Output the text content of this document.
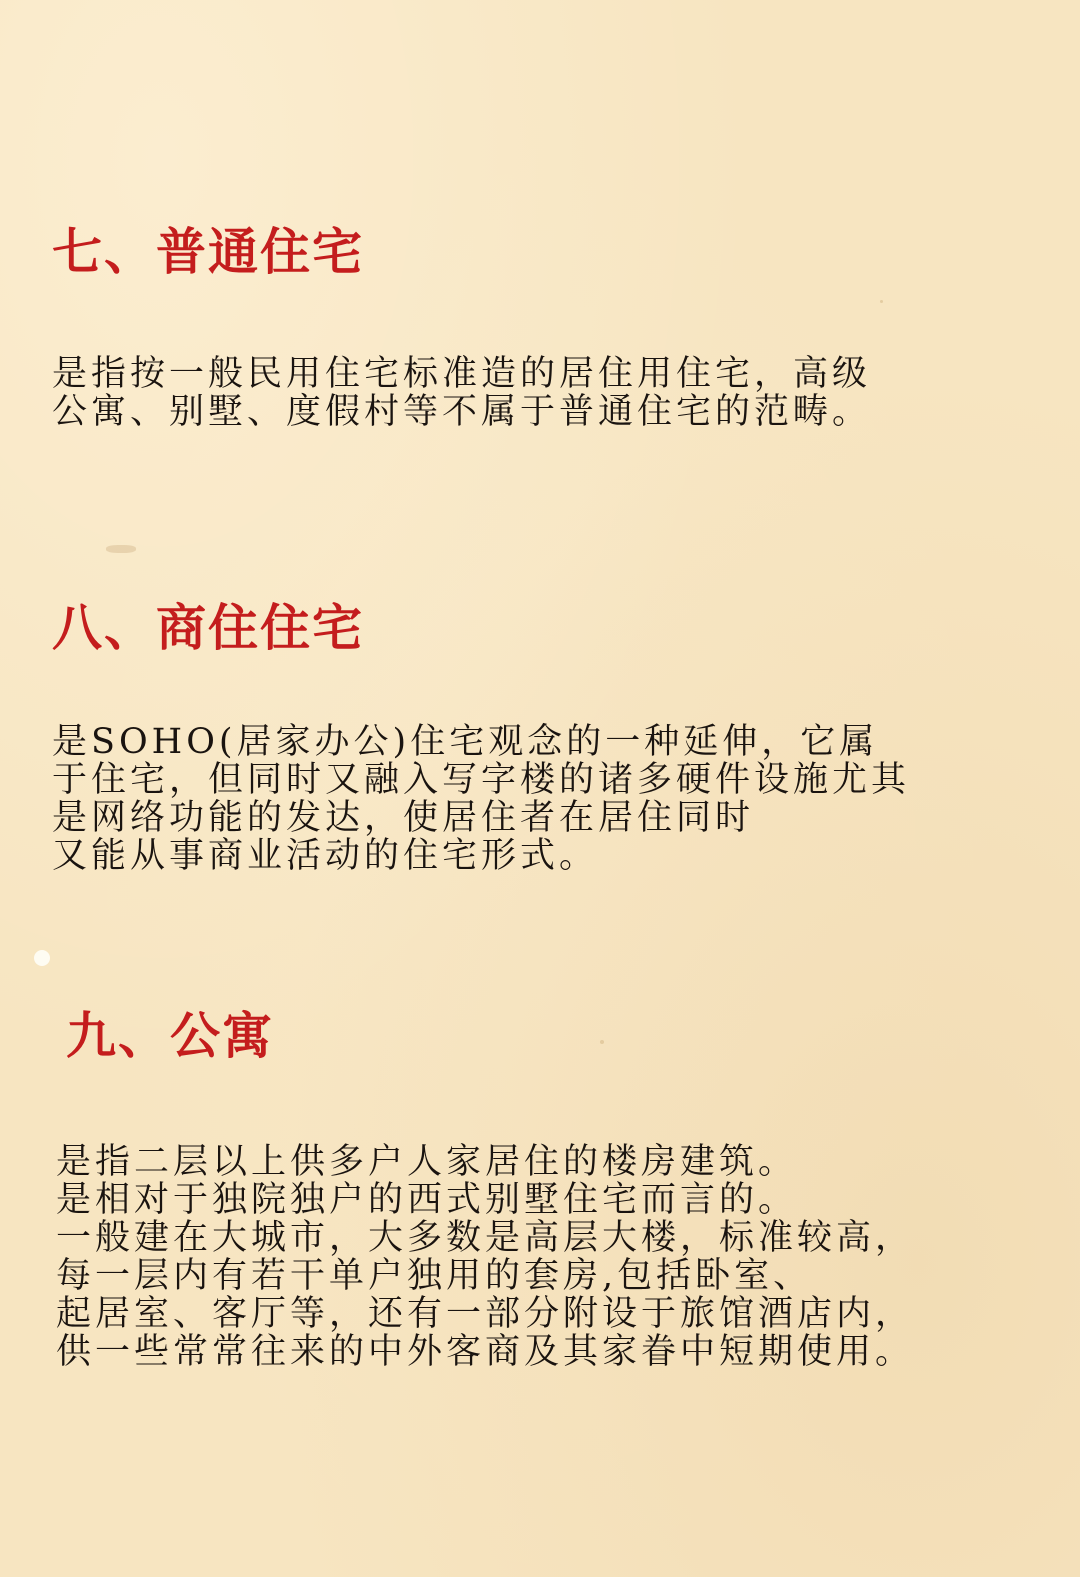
七、普通住宅

是指按一般民用住宅标准造的居住用住宅，高级
公寓、别墅、度假村等不属于普通住宅的范畴。

八、商住住宅

是SOHO(居家办公)住宅观念的一种延伸，它属
于住宅，但同时又融入写字楼的诸多硬件设施尤其
是网络功能的发达，使居住者在居住同时
又能从事商业活动的住宅形式。

九、公寓

是指二层以上供多户人家居住的楼房建筑。
是相对于独院独户的西式别墅住宅而言的。
一般建在大城市，大多数是高层大楼，标准较高，
每一层内有若干单户独用的套房,包括卧室、
起居室、客厅等，还有一部分附设于旅馆酒店内，
供一些常常往来的中外客商及其家眷中短期使用。
